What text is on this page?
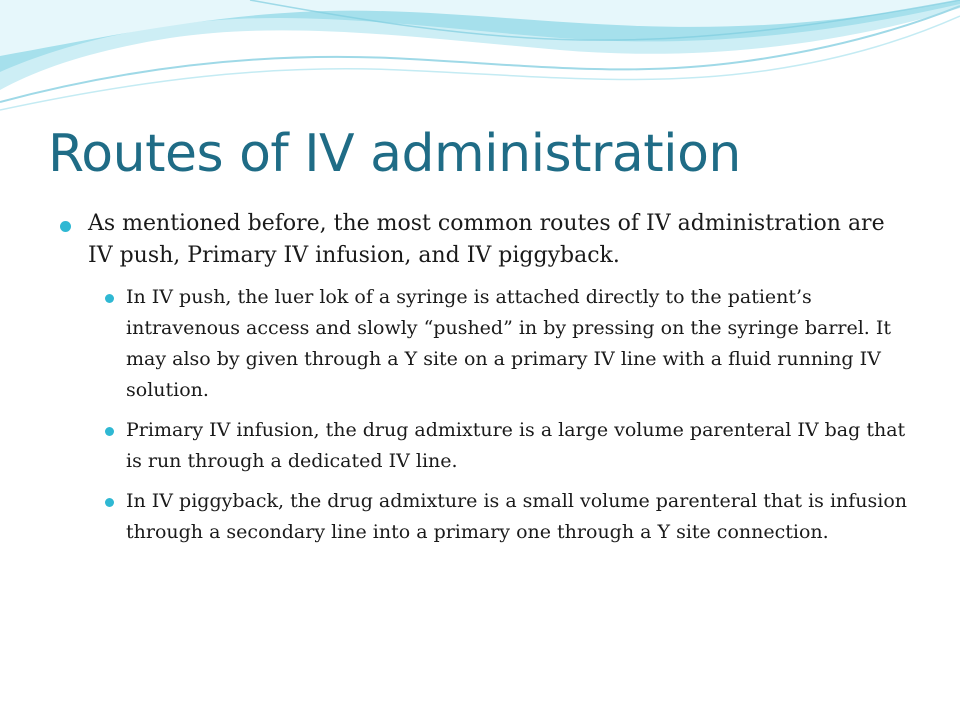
Routes of IV administration
As mentioned before, the most common routes of IV administration are IV push, Primary IV infusion, and IV piggyback.
In IV push, the luer lok of a syringe is attached directly to the patient’s intravenous access and slowly “pushed” in by pressing on the syringe barrel. It may also by given through a Y site on a primary IV line with a fluid running IV solution.
Primary IV infusion, the drug admixture is a large volume parenteral IV bag that is run through a dedicated IV line.
In IV piggyback, the drug admixture is a small volume parenteral that is infusion through a secondary line into a primary one through a Y site connection.
